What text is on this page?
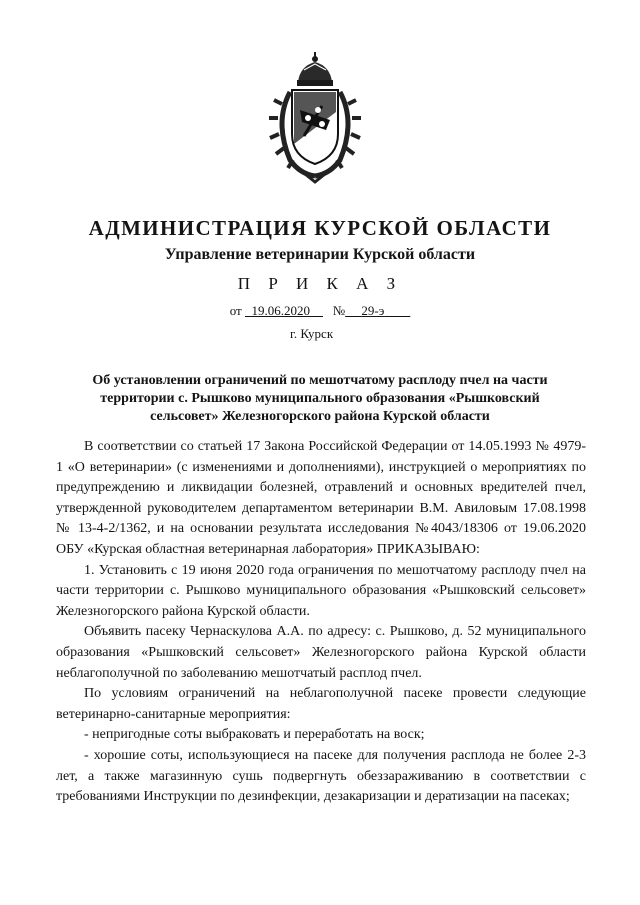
АДМИНИСТРАЦИЯ КУРСКОЙ ОБЛАСТИ
Управление ветеринарии Курской области
П Р И К А З
от 19.06.2020 № 29-э
г. Курск
Об установлении ограничений по мешотчатому расплоду пчел на части территории с. Рышково муниципального образования «Рышковский сельсовет» Железногорского района Курской области

В соответствии со статьей 17 Закона Российской Федерации от 14.05.1993 № 4979-1 «О ветеринарии» (с изменениями и дополнениями), инструкцией о мероприятиях по предупреждению и ликвидации болезней, отравлений и основных вредителей пчел, утвержденной руководителем департаментом ветеринарии В.М. Авиловым 17.08.1998 № 13-4-2/1362, и на основании результата исследования №4043/18306 от 19.06.2020 ОБУ «Курская областная ветеринарная лаборатория» ПРИКАЗЫВАЮ:

1. Установить с 19 июня 2020 года ограничения по мешотчатому расплоду пчел на части территории с. Рышково муниципального образования «Рышковский сельсовет» Железногорского района Курской области.

Объявить пасеку Чернаскулова А.А. по адресу: с. Рышково, д. 52 муниципального образования «Рышковский сельсовет» Железногорского района Курской области неблагополучной по заболеванию мешотчатый расплод пчел.

По условиям ограничений на неблагополучной пасеке провести следующие ветеринарно-санитарные мероприятия:

- непригодные соты выбраковать и переработать на воск;

- хорошие соты, использующиеся на пасеке для получения расплода не более 2-3 лет, а также магазинную сушь подвергнуть обеззараживанию в соответствии с требованиями Инструкции по дезинфекции, дезакаризации и дератизации на пасеках;
